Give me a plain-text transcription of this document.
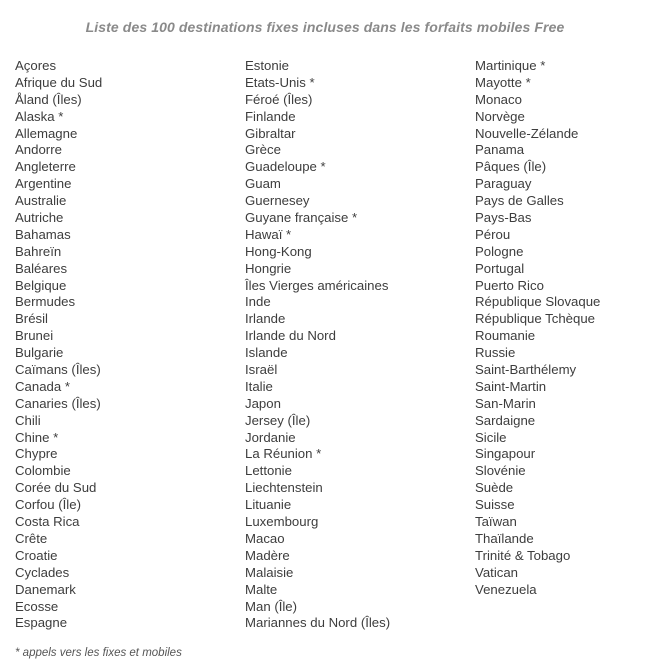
Liste des 100 destinations fixes incluses dans les forfaits mobiles Free
Açores
Afrique du Sud
Åland (Îles)
Alaska *
Allemagne
Andorre
Angleterre
Argentine
Australie
Autriche
Bahamas
Bahreïn
Baléares
Belgique
Bermudes
Brésil
Brunei
Bulgarie
Caïmans (Îles)
Canada *
Canaries (Îles)
Chili
Chine *
Chypre
Colombie
Corée du Sud
Corfou (Île)
Costa Rica
Crête
Croatie
Cyclades
Danemark
Ecosse
Espagne
Estonie
Etats-Unis *
Féroé (Îles)
Finlande
Gibraltar
Grèce
Guadeloupe *
Guam
Guernesey
Guyane française *
Hawaï *
Hong-Kong
Hongrie
Îles Vierges américaines
Inde
Irlande
Irlande du Nord
Islande
Israël
Italie
Japon
Jersey (Île)
Jordanie
La Réunion *
Lettonie
Liechtenstein
Lituanie
Luxembourg
Macao
Madère
Malaisie
Malte
Man (Île)
Mariannes du Nord (Îles)
Martinique *
Mayotte *
Monaco
Norvège
Nouvelle-Zélande
Panama
Pâques (Île)
Paraguay
Pays de Galles
Pays-Bas
Pérou
Pologne
Portugal
Puerto Rico
République Slovaque
République Tchèque
Roumanie
Russie
Saint-Barthélemy
Saint-Martin
San-Marin
Sardaigne
Sicile
Singapour
Slovénie
Suède
Suisse
Taïwan
Thaïlande
Trinité & Tobago
Vatican
Venezuela
* appels vers les fixes et mobiles
